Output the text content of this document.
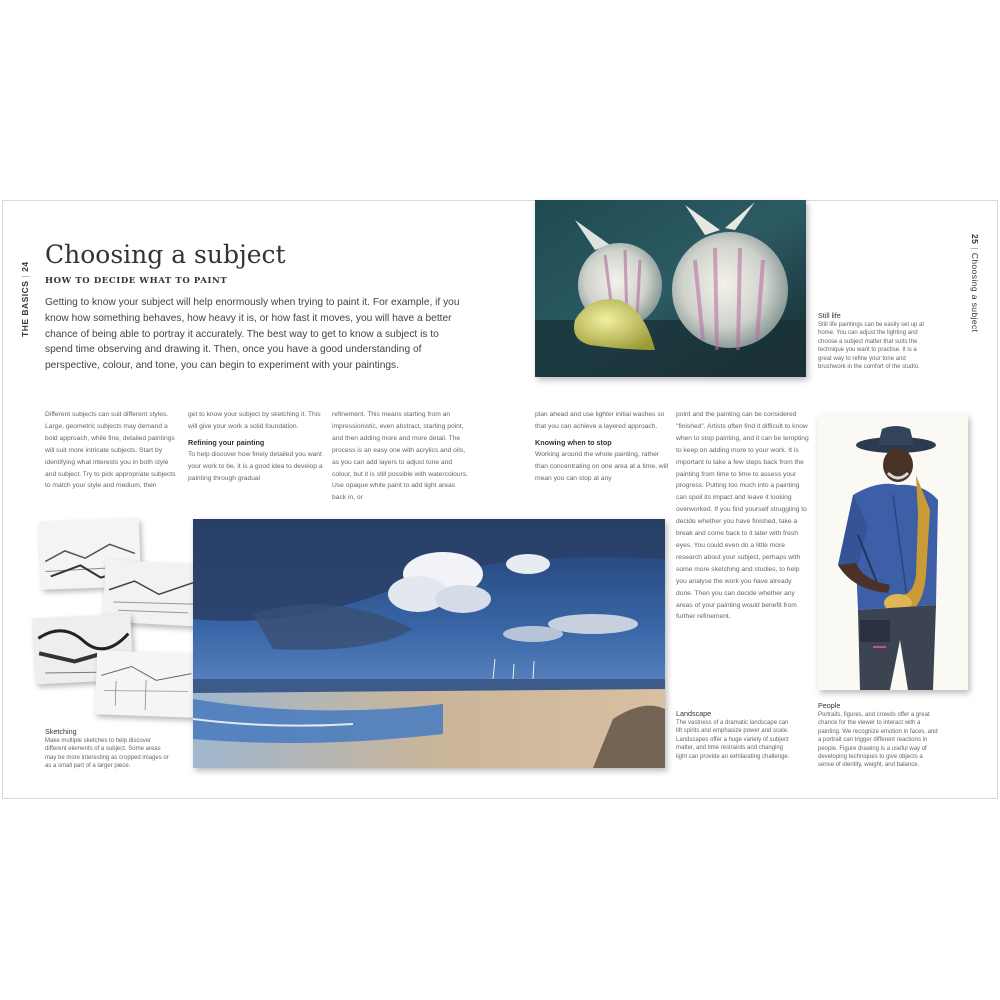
THE BASICS
|
24
25
|
Choosing a subject
Choosing a subject
HOW TO DECIDE WHAT TO PAINT
Getting to know your subject will help enormously when trying to paint it. For example, if you know how something behaves, how heavy it is, or how fast it moves, you will have a better chance of being able to portray it accurately. The best way to get to know a subject is to spend time observing and drawing it. Then, once you have a good understanding of perspective, colour, and tone, you can begin to experiment with your paintings.

Different subjects can suit different styles. Large, geometric subjects may demand a bold approach, while fine, detailed paintings will suit more intricate subjects. Start by identifying what interests you in both style and subject. Try to pick appropriate subjects to match your style and medium, then

get to know your subject by sketching it. This will give your work a solid foundation.

Refining your painting

To help discover how finely detailed you want your work to be, it is a good idea to develop a painting through gradual

refinement. This means starting from an impressionistic, even abstract, starting point, and then adding more and more detail. The process is an easy one with acrylics and oils, as you can add layers to adjust tone and colour, but it is still possible with watercolours. Use opaque white paint to add light areas back in, or

plan ahead and use lighter initial washes so that you can achieve a layered approach.

Knowing when to stop

Working around the whole painting, rather than concentrating on one area at a time, will mean you can stop at any

point and the painting can be considered "finished". Artists often find it difficult to know when to stop painting, and it can be tempting to keep on adding more to your work. It is important to take a few steps back from the painting from time to time to assess your progress. Putting too much into a painting can spoil its impact and leave it looking overworked. If you find yourself struggling to decide whether you have finished, take a break and come back to it later with fresh eyes. You could even do a little more research about your subject, perhaps with some more sketching and studies, to help you analyse the work you have already done. Then you can decide whether any areas of your painting would benefit from further refinement.

Still life
Still life paintings can be easily set up at home. You can adjust the lighting and choose a subject matter that suits the technique you want to practise. It is a great way to refine your tone and brushwork in the comfort of the studio.
Sketching
Make multiple sketches to help discover different elements of a subject. Some areas may be more interesting as cropped images or as a small part of a larger piece.
Landscape
The vastness of a dramatic landscape can lift spirits and emphasize power and scale. Landscapes offer a huge variety of subject matter, and time restraints and changing light can provide an exhilarating challenge.
People
Portraits, figures, and crowds offer a great chance for the viewer to interact with a painting. We recognize emotion in faces, and a portrait can trigger different reactions in people. Figure drawing is a useful way of developing techniques to give objects a sense of identity, weight, and balance.
